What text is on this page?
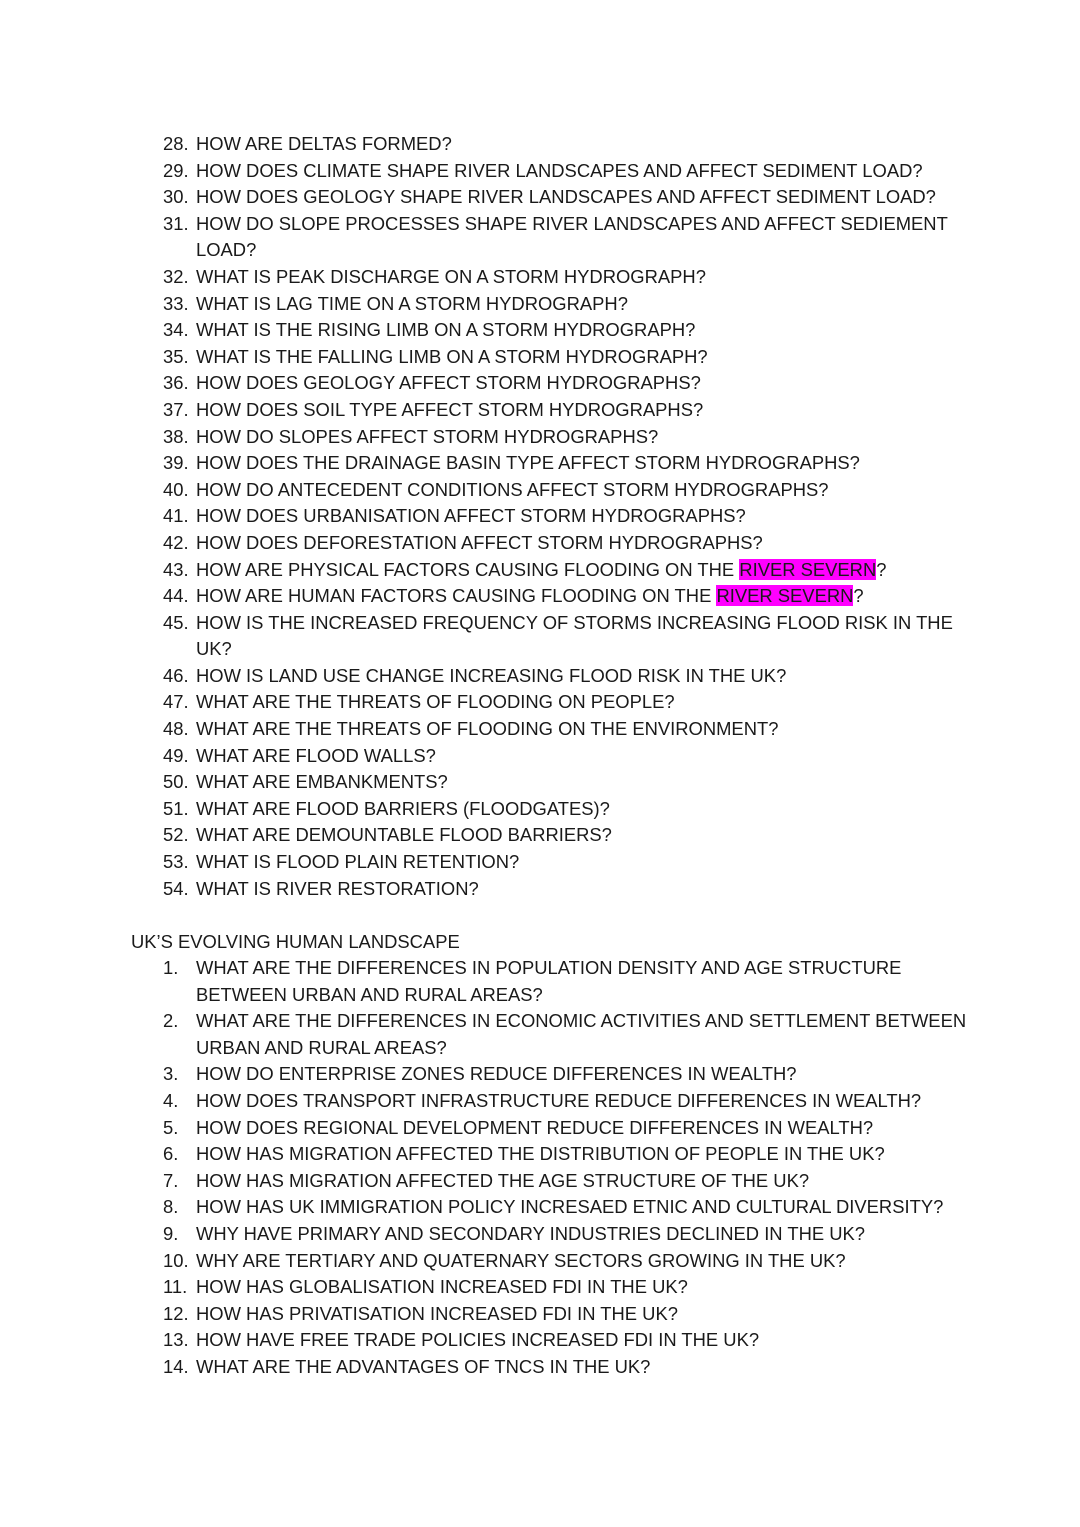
28. HOW ARE DELTAS FORMED?
29. HOW DOES CLIMATE SHAPE RIVER LANDSCAPES AND AFFECT SEDIMENT LOAD?
30. HOW DOES GEOLOGY SHAPE RIVER LANDSCAPES AND AFFECT SEDIMENT LOAD?
31. HOW DO SLOPE PROCESSES SHAPE RIVER LANDSCAPES AND AFFECT SEDIEMENT
LOAD?
32. WHAT IS PEAK DISCHARGE ON A STORM HYDROGRAPH?
33. WHAT IS LAG TIME ON A STORM HYDROGRAPH?
34. WHAT IS THE RISING LIMB ON A STORM HYDROGRAPH?
35. WHAT IS THE FALLING LIMB ON A STORM HYDROGRAPH?
36. HOW DOES GEOLOGY AFFECT STORM HYDROGRAPHS?
37. HOW DOES SOIL TYPE AFFECT STORM HYDROGRAPHS?
38. HOW DO SLOPES AFFECT STORM HYDROGRAPHS?
39. HOW DOES THE DRAINAGE BASIN TYPE AFFECT STORM HYDROGRAPHS?
40. HOW DO ANTECEDENT CONDITIONS AFFECT STORM HYDROGRAPHS?
41. HOW DOES URBANISATION AFFECT STORM HYDROGRAPHS?
42. HOW DOES DEFORESTATION AFFECT STORM HYDROGRAPHS?
43. HOW ARE PHYSICAL FACTORS CAUSING FLOODING ON THE RIVER SEVERN?
44. HOW ARE HUMAN FACTORS CAUSING FLOODING ON THE RIVER SEVERN?
45. HOW IS THE INCREASED FREQUENCY OF STORMS INCREASING FLOOD RISK IN THE
UK?
46. HOW IS LAND USE CHANGE INCREASING FLOOD RISK IN THE UK?
47. WHAT ARE THE THREATS OF FLOODING ON PEOPLE?
48. WHAT ARE THE THREATS OF FLOODING ON THE ENVIRONMENT?
49. WHAT ARE FLOOD WALLS?
50. WHAT ARE EMBANKMENTS?
51. WHAT ARE FLOOD BARRIERS (FLOODGATES)?
52. WHAT ARE DEMOUNTABLE FLOOD BARRIERS?
53. WHAT IS FLOOD PLAIN RETENTION?
54. WHAT IS RIVER RESTORATION?
UK’S EVOLVING HUMAN LANDSCAPE
1. WHAT ARE THE DIFFERENCES IN POPULATION DENSITY AND AGE STRUCTURE
BETWEEN URBAN AND RURAL AREAS?
2. WHAT ARE THE DIFFERENCES IN ECONOMIC ACTIVITIES AND SETTLEMENT BETWEEN
URBAN AND RURAL AREAS?
3. HOW DO ENTERPRISE ZONES REDUCE DIFFERENCES IN WEALTH?
4. HOW DOES TRANSPORT INFRASTRUCTURE REDUCE DIFFERENCES IN WEALTH?
5. HOW DOES REGIONAL DEVELOPMENT REDUCE DIFFERENCES IN WEALTH?
6. HOW HAS MIGRATION AFFECTED THE DISTRIBUTION OF PEOPLE IN THE UK?
7. HOW HAS MIGRATION AFFECTED THE AGE STRUCTURE OF THE UK?
8. HOW HAS UK IMMIGRATION POLICY INCRESAED ETNIC AND CULTURAL DIVERSITY?
9. WHY HAVE PRIMARY AND SECONDARY INDUSTRIES DECLINED IN THE UK?
10. WHY ARE TERTIARY AND QUATERNARY SECTORS GROWING IN THE UK?
11. HOW HAS GLOBALISATION INCREASED FDI IN THE UK?
12. HOW HAS PRIVATISATION INCREASED FDI IN THE UK?
13. HOW HAVE FREE TRADE POLICIES INCREASED FDI IN THE UK?
14. WHAT ARE THE ADVANTAGES OF TNCS IN THE UK?
